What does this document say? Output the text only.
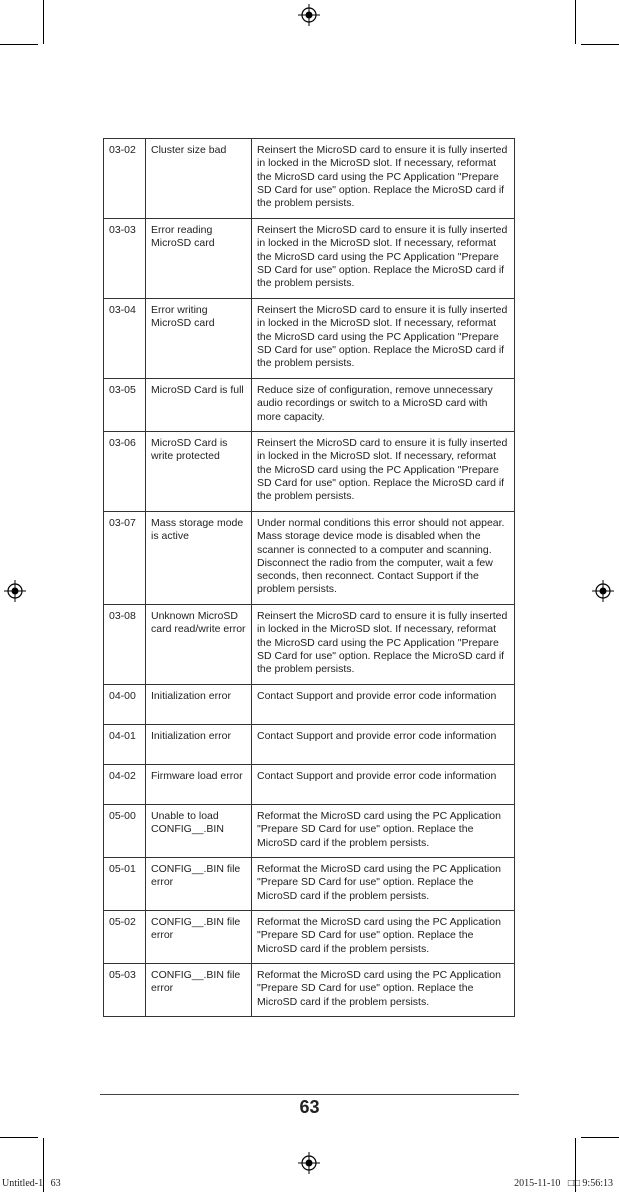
03-02	Cluster size bad	Reinsert the MicroSD card to ensure it is fully inserted in locked in the MicroSD slot. If necessary, reformat the MicroSD card using the PC Application "Prepare SD Card for use" option. Replace the MicroSD card if the problem persists.
03-03	Error reading MicroSD card	Reinsert the MicroSD card to ensure it is fully inserted in locked in the MicroSD slot. If necessary, reformat the MicroSD card using the PC Application "Prepare SD Card for use" option. Replace the MicroSD card if the problem persists.
03-04	Error writing MicroSD card	Reinsert the MicroSD card to ensure it is fully inserted in locked in the MicroSD slot. If necessary, reformat the MicroSD card using the PC Application "Prepare SD Card for use" option. Replace the MicroSD card if the problem persists.
03-05	MicroSD Card is full	Reduce size of configuration, remove unnecessary audio recordings or switch to a MicroSD card with more capacity.
03-06	MicroSD Card is write protected	Reinsert the MicroSD card to ensure it is fully inserted in locked in the MicroSD slot. If necessary, reformat the MicroSD card using the PC Application "Prepare SD Card for use" option. Replace the MicroSD card if the problem persists.
03-07	Mass storage mode is active	Under normal conditions this error should not appear. Mass storage device mode is disabled when the scanner is connected to a computer and scanning. Disconnect the radio from the computer, wait a few seconds, then reconnect. Contact Support if the problem persists.
03-08	Unknown MicroSD card read/write error	Reinsert the MicroSD card to ensure it is fully inserted in locked in the MicroSD slot. If necessary, reformat the MicroSD card using the PC Application "Prepare SD Card for use" option. Replace the MicroSD card if the problem persists.
04-00	Initialization error	Contact Support and provide error code information
04-01	Initialization error	Contact Support and provide error code information
04-02	Firmware load error	Contact Support and provide error code information
05-00	Unable to load CONFIG__.BIN	Reformat the MicroSD card using the PC Application "Prepare SD Card for use" option. Replace the MicroSD card if the problem persists.
05-01	CONFIG__.BIN file error	Reformat the MicroSD card using the PC Application "Prepare SD Card for use" option. Replace the MicroSD card if the problem persists.
05-02	CONFIG__.BIN file error	Reformat the MicroSD card using the PC Application "Prepare SD Card for use" option. Replace the MicroSD card if the problem persists.
05-03	CONFIG__.BIN file error	Reformat the MicroSD card using the PC Application "Prepare SD Card for use" option. Replace the MicroSD card if the problem persists.
63
Untitled-1   63	2015-11-10   □□ 9:56:13
